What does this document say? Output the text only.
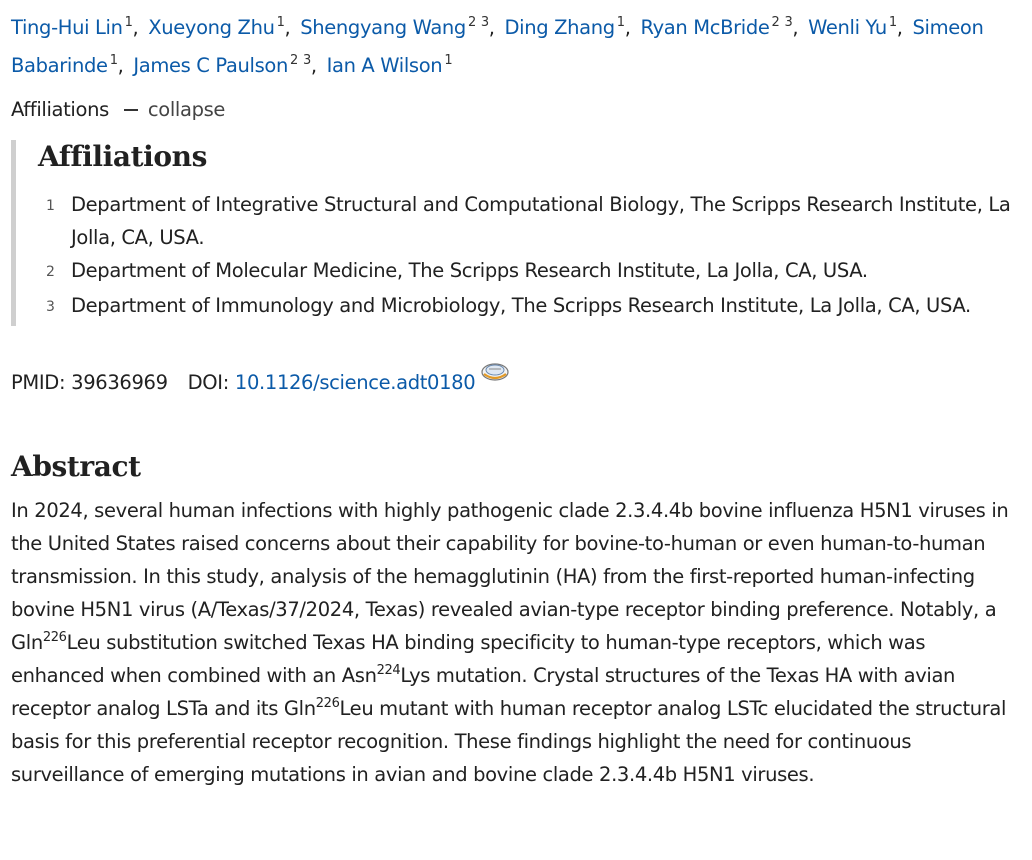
Ting-Hui Lin $^1$, Xueyong Zhu $^1$, Shengyang Wang $^2$ $^3$, Ding Zhang $^1$, Ryan McBride $^2$ $^3$, Wenli Yu $^1$, Simeon Babarinde $^1$, James C Paulson $^2$ $^3$, Ian A Wilson $^1$
Affiliations collapse
Affiliations
1 Department of Integrative Structural and Computational Biology, The Scripps Research Institute, La Jolla, CA, USA.
2 Department of Molecular Medicine, The Scripps Research Institute, La Jolla, CA, USA.
3 Department of Immunology and Microbiology, The Scripps Research Institute, La Jolla, CA, USA.
PMID: 39636969 DOI: 10.1126/science.adt0180
Abstract

In 2024, several human infections with highly pathogenic clade 2.3.4.4b bovine influenza H5N1 viruses in the United States raised concerns about their capability for bovine-to-human or even human-to-human transmission. In this study, analysis of the hemagglutinin (HA) from the first-reported human-infecting bovine H5N1 virus (A/Texas/37/2024, Texas) revealed avian-type receptor binding preference. Notably, a Gln$^{226}$Leu substitution switched Texas HA binding specificity to human-type receptors, which was enhanced when combined with an Asn$^{224}$Lys mutation. Crystal structures of the Texas HA with avian receptor analog LSTa and its Gln$^{226}$Leu mutant with human receptor analog LSTc elucidated the structural basis for this preferential receptor recognition. These findings highlight the need for continuous surveillance of emerging mutations in avian and bovine clade 2.3.4.4b H5N1 viruses.
